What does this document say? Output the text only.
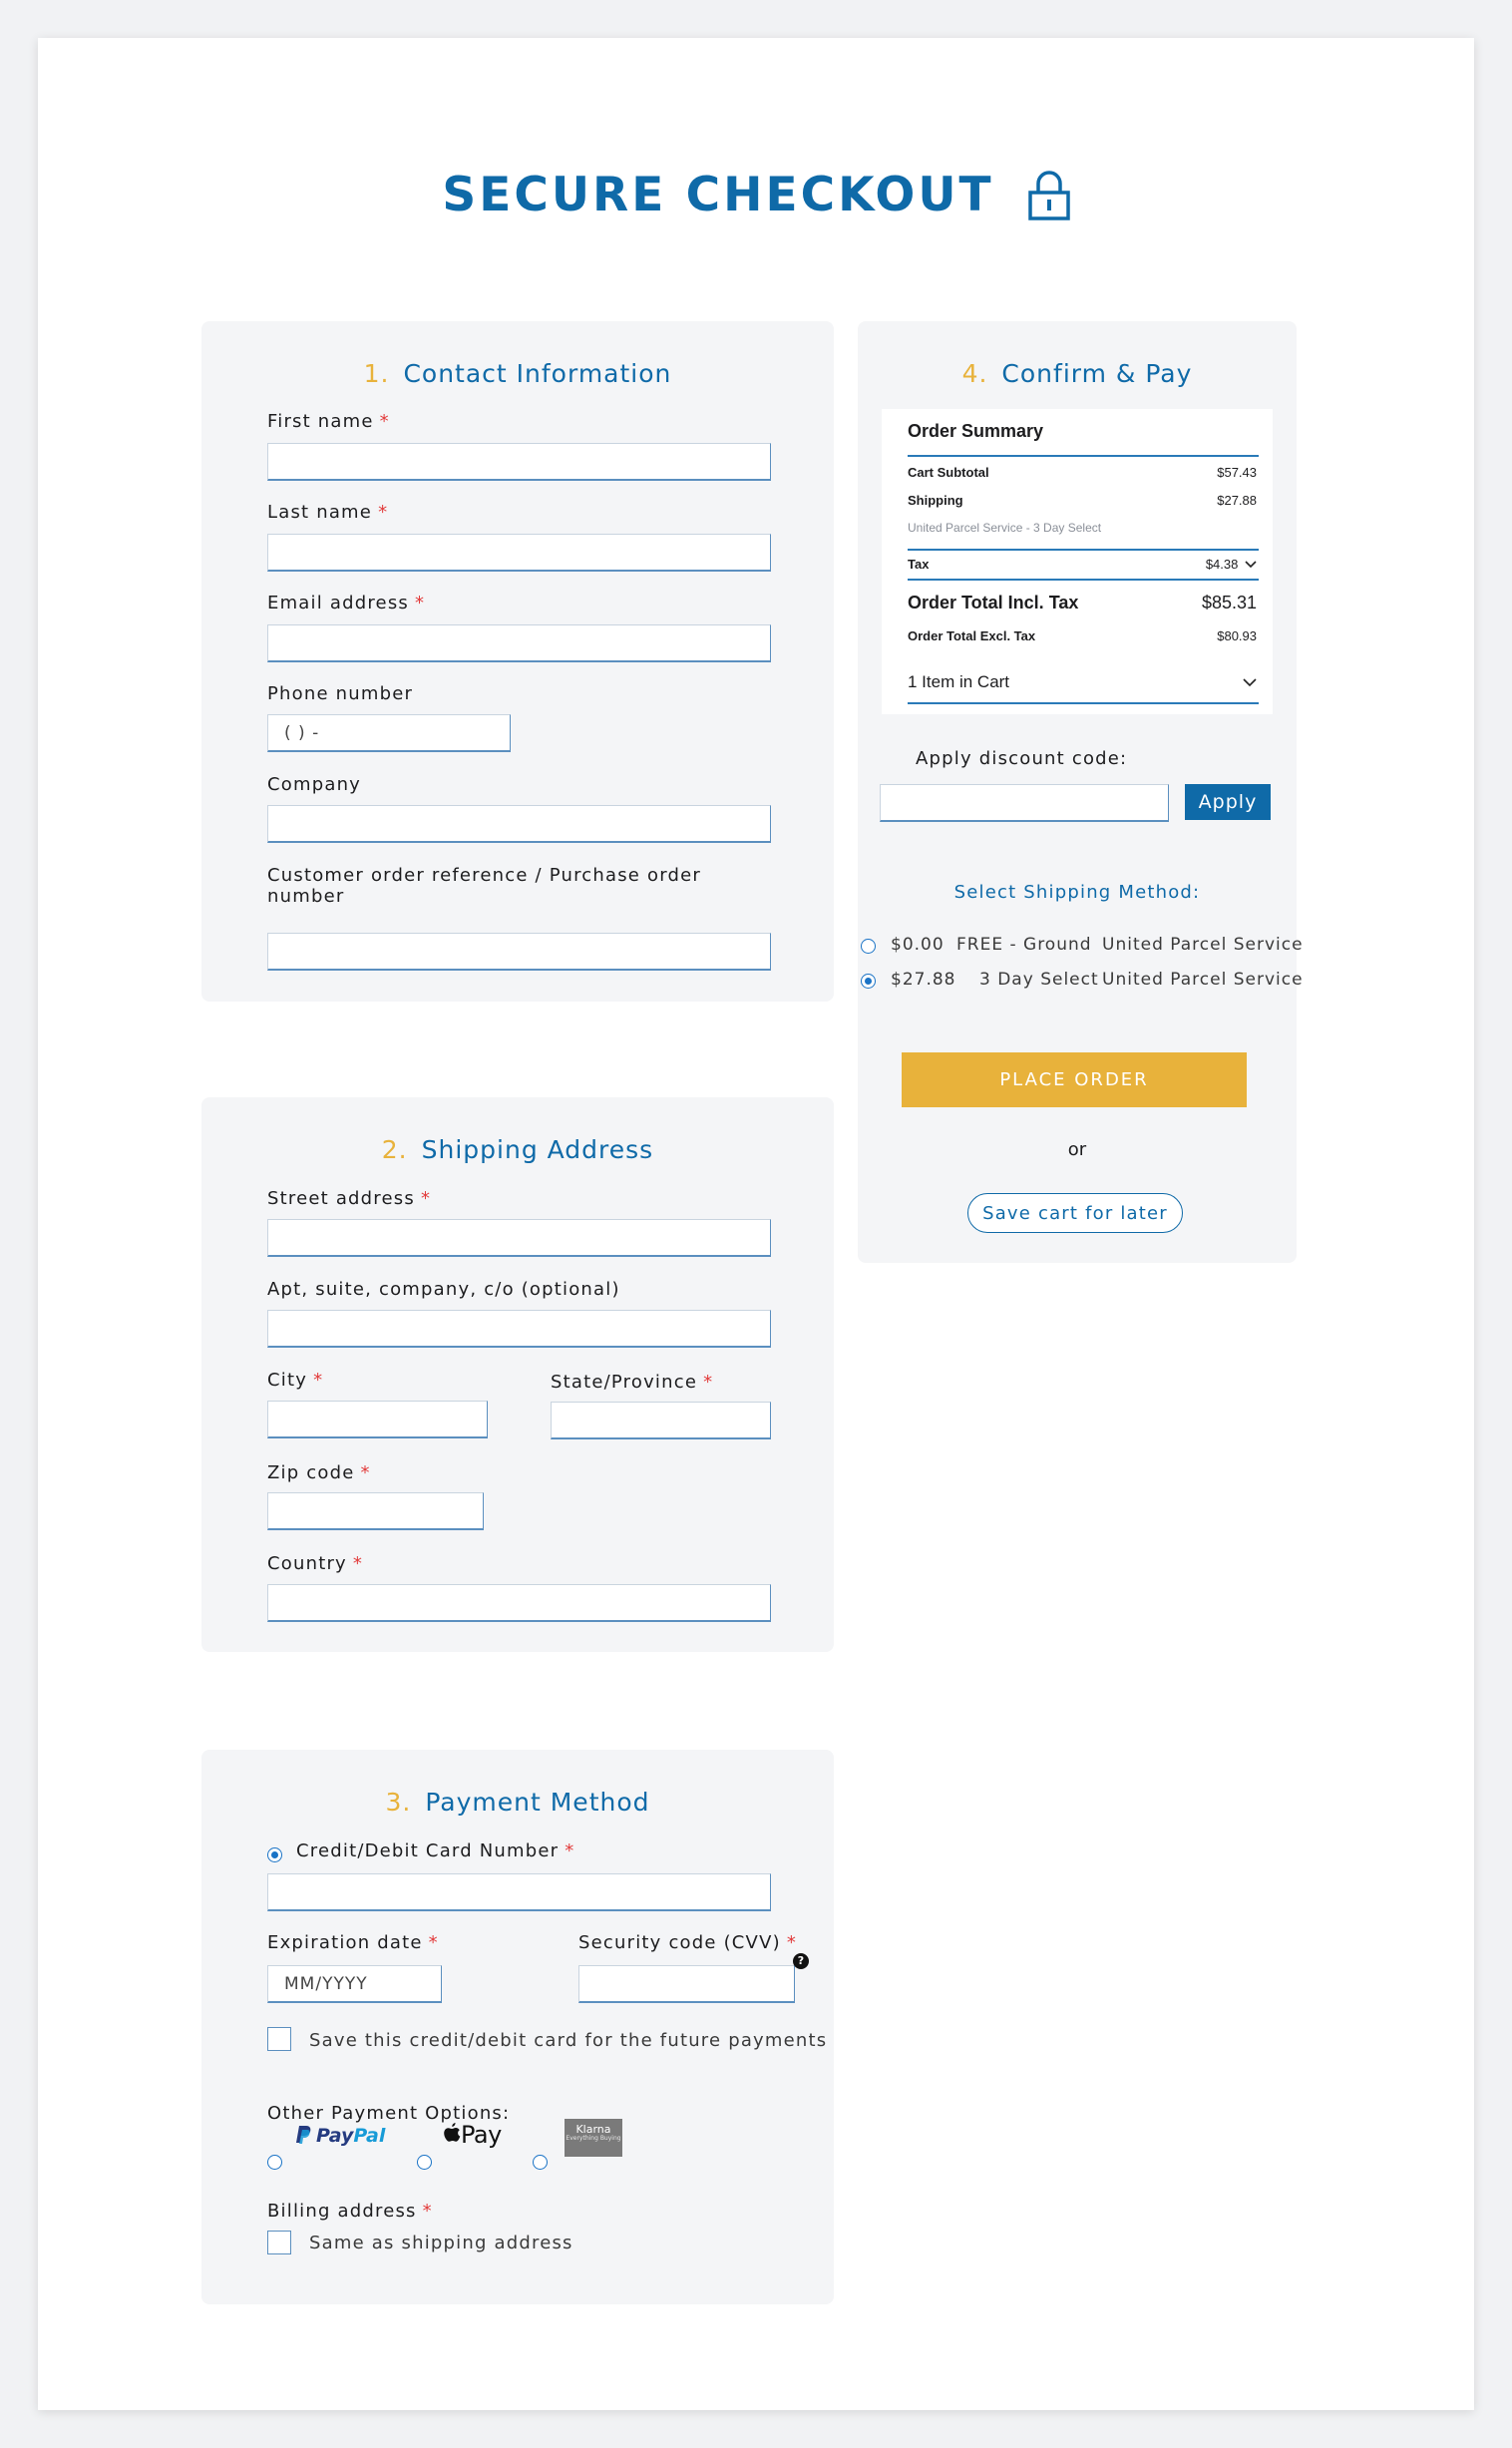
SECURE CHECKOUT
1. Contact Information
First name *
Last name *
Email address *
Phone number
( ) -
Company
Customer order reference / Purchase order
number
2. Shipping Address
Street address *
Apt, suite, company, c/o (optional)
City *	State/Province *
Zip code *
Country *
3. Payment Method
Credit/Debit Card Number *
Expiration date *
MM/YYYY
Security code (CVV) *
?
Save this credit/debit card for the future payments
Other Payment Options:
PayPal	Pay	Klarna
Everything Buying
Billing address *
Same as shipping address
4. Confirm & Pay
Order Summary
Cart Subtotal	$57.43
Shipping	$27.88
United Parcel Service - 3 Day Select
Tax	$4.38
Order Total Incl. Tax	$85.31
Order Total Excl. Tax	$80.93
1 Item in Cart
Apply discount code:
Apply
Select Shipping Method:
$0.00 FREE - Ground United Parcel Service
$27.88 3 Day Select United Parcel Service
PLACE ORDER
or
Save cart for later
